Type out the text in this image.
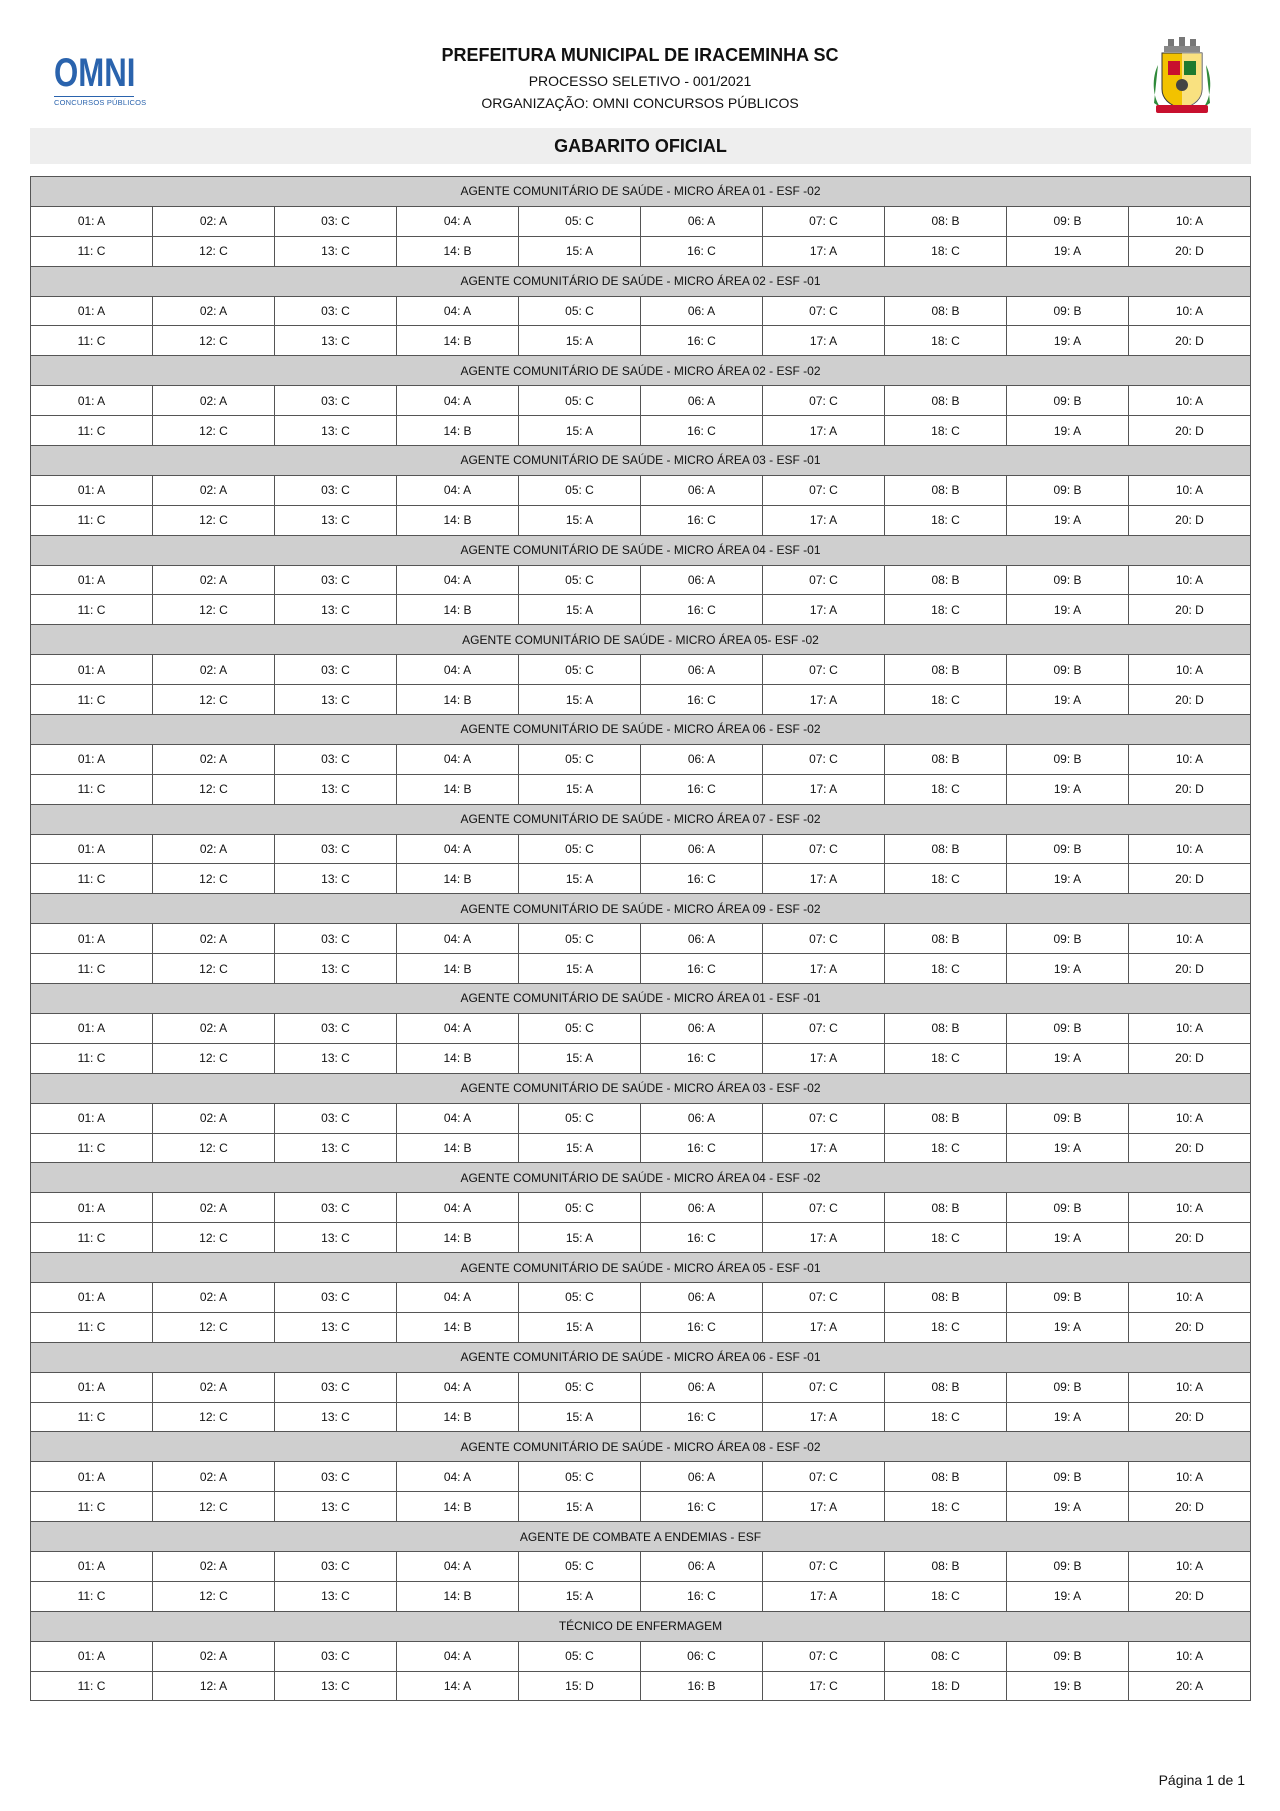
OMNI
CONCURSOS PÚBLICOS
PREFEITURA MUNICIPAL DE IRACEMINHA SC
PROCESSO SELETIVO - 001/2021
ORGANIZAÇÃO: OMNI CONCURSOS PÚBLICOS
GABARITO OFICIAL
AGENTE COMUNITÁRIO DE SAÚDE - MICRO ÁREA 01 - ESF -02									
01: A	02: A	03: C	04: A	05: C	06: A	07: C	08: B	09: B	10: A
11: C	12: C	13: C	14: B	15: A	16: C	17: A	18: C	19: A	20: D
AGENTE COMUNITÁRIO DE SAÚDE - MICRO ÁREA 02 - ESF -01									
01: A	02: A	03: C	04: A	05: C	06: A	07: C	08: B	09: B	10: A
11: C	12: C	13: C	14: B	15: A	16: C	17: A	18: C	19: A	20: D
AGENTE COMUNITÁRIO DE SAÚDE - MICRO ÁREA 02 - ESF -02									
01: A	02: A	03: C	04: A	05: C	06: A	07: C	08: B	09: B	10: A
11: C	12: C	13: C	14: B	15: A	16: C	17: A	18: C	19: A	20: D
AGENTE COMUNITÁRIO DE SAÚDE - MICRO ÁREA 03 - ESF -01									
01: A	02: A	03: C	04: A	05: C	06: A	07: C	08: B	09: B	10: A
11: C	12: C	13: C	14: B	15: A	16: C	17: A	18: C	19: A	20: D
AGENTE COMUNITÁRIO DE SAÚDE - MICRO ÁREA 04 - ESF -01									
01: A	02: A	03: C	04: A	05: C	06: A	07: C	08: B	09: B	10: A
11: C	12: C	13: C	14: B	15: A	16: C	17: A	18: C	19: A	20: D
AGENTE COMUNITÁRIO DE SAÚDE - MICRO ÁREA 05- ESF -02									
01: A	02: A	03: C	04: A	05: C	06: A	07: C	08: B	09: B	10: A
11: C	12: C	13: C	14: B	15: A	16: C	17: A	18: C	19: A	20: D
AGENTE COMUNITÁRIO DE SAÚDE - MICRO ÁREA 06 - ESF -02									
01: A	02: A	03: C	04: A	05: C	06: A	07: C	08: B	09: B	10: A
11: C	12: C	13: C	14: B	15: A	16: C	17: A	18: C	19: A	20: D
AGENTE COMUNITÁRIO DE SAÚDE - MICRO ÁREA 07 - ESF -02									
01: A	02: A	03: C	04: A	05: C	06: A	07: C	08: B	09: B	10: A
11: C	12: C	13: C	14: B	15: A	16: C	17: A	18: C	19: A	20: D
AGENTE COMUNITÁRIO DE SAÚDE - MICRO ÁREA 09 - ESF -02									
01: A	02: A	03: C	04: A	05: C	06: A	07: C	08: B	09: B	10: A
11: C	12: C	13: C	14: B	15: A	16: C	17: A	18: C	19: A	20: D
AGENTE COMUNITÁRIO DE SAÚDE - MICRO ÁREA 01 - ESF -01									
01: A	02: A	03: C	04: A	05: C	06: A	07: C	08: B	09: B	10: A
11: C	12: C	13: C	14: B	15: A	16: C	17: A	18: C	19: A	20: D
AGENTE COMUNITÁRIO DE SAÚDE - MICRO ÁREA 03 - ESF -02									
01: A	02: A	03: C	04: A	05: C	06: A	07: C	08: B	09: B	10: A
11: C	12: C	13: C	14: B	15: A	16: C	17: A	18: C	19: A	20: D
AGENTE COMUNITÁRIO DE SAÚDE - MICRO ÁREA 04 - ESF -02									
01: A	02: A	03: C	04: A	05: C	06: A	07: C	08: B	09: B	10: A
11: C	12: C	13: C	14: B	15: A	16: C	17: A	18: C	19: A	20: D
AGENTE COMUNITÁRIO DE SAÚDE - MICRO ÁREA 05 - ESF -01									
01: A	02: A	03: C	04: A	05: C	06: A	07: C	08: B	09: B	10: A
11: C	12: C	13: C	14: B	15: A	16: C	17: A	18: C	19: A	20: D
AGENTE COMUNITÁRIO DE SAÚDE - MICRO ÁREA 06 - ESF -01									
01: A	02: A	03: C	04: A	05: C	06: A	07: C	08: B	09: B	10: A
11: C	12: C	13: C	14: B	15: A	16: C	17: A	18: C	19: A	20: D
AGENTE COMUNITÁRIO DE SAÚDE - MICRO ÁREA 08 - ESF -02									
01: A	02: A	03: C	04: A	05: C	06: A	07: C	08: B	09: B	10: A
11: C	12: C	13: C	14: B	15: A	16: C	17: A	18: C	19: A	20: D
AGENTE DE COMBATE A ENDEMIAS - ESF									
01: A	02: A	03: C	04: A	05: C	06: A	07: C	08: B	09: B	10: A
11: C	12: C	13: C	14: B	15: A	16: C	17: A	18: C	19: A	20: D
TÉCNICO DE ENFERMAGEM									
01: A	02: A	03: C	04: A	05: C	06: C	07: C	08: C	09: B	10: A
11: C	12: A	13: C	14: A	15: D	16: B	17: C	18: D	19: B	20: A
Página 1 de 1
